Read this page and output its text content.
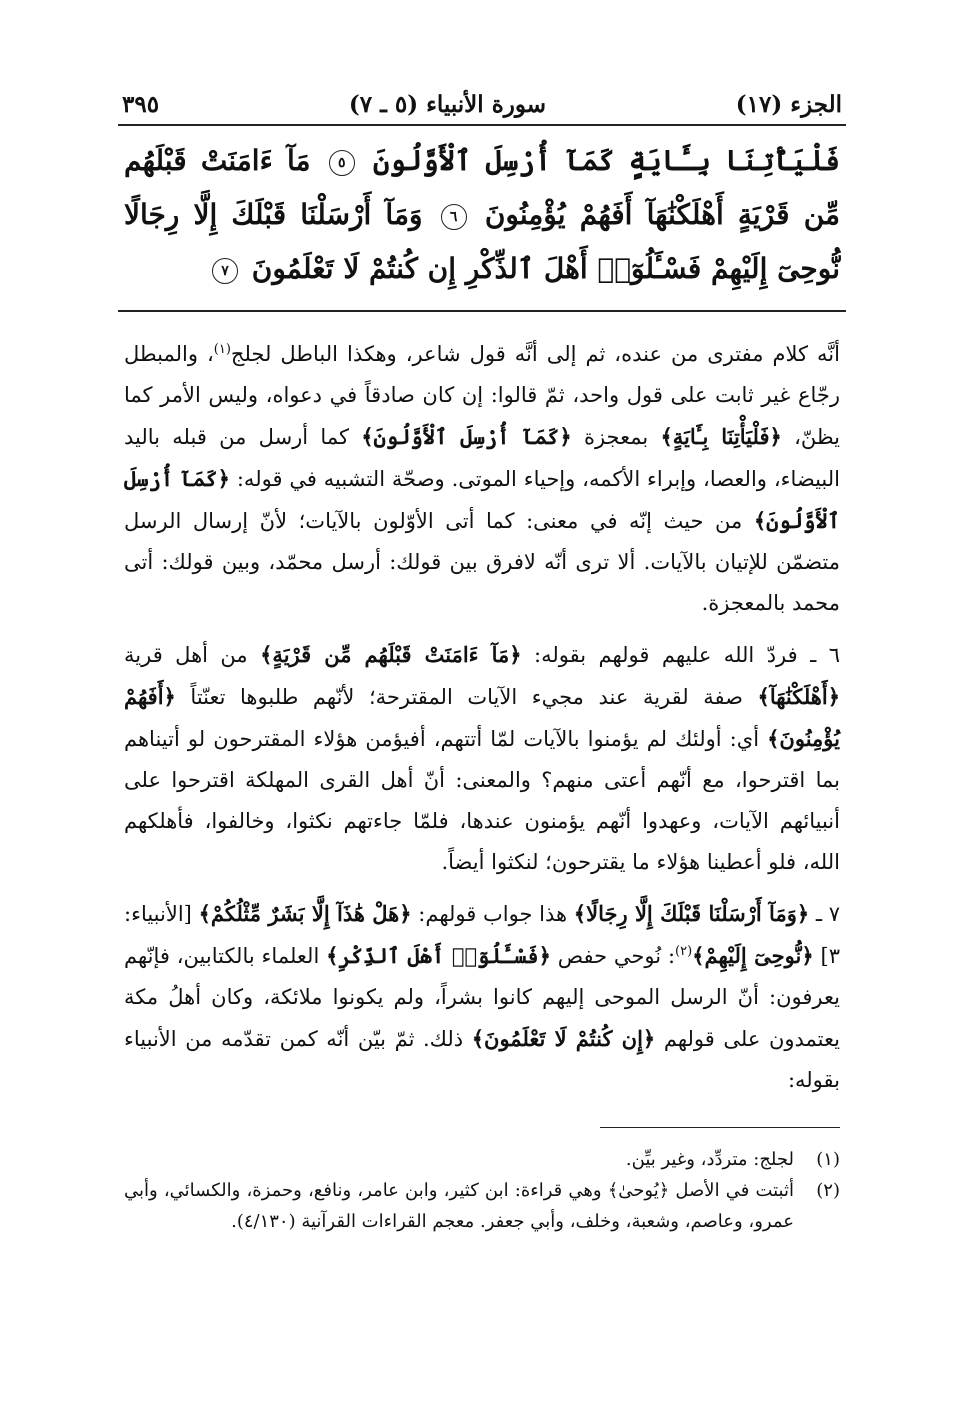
الجزء (١٧)
سورة الأنبياء (٥ ـ ٧)
٣٩٥
فَلْيَأْتِنَا بِـَٔايَةٍ كَمَآ أُرْسِلَ ٱلْأَوَّلُونَ ٥ مَآ ءَامَنَتْ قَبْلَهُم مِّن قَرْيَةٍ أَهْلَكْنَٰهَآ أَفَهُمْ يُؤْمِنُونَ ٦ وَمَآ أَرْسَلْنَا قَبْلَكَ إِلَّا رِجَالًا نُّوحِىٓ إِلَيْهِمْ فَسْـَٔلُوٓا۟ أَهْلَ ٱلذِّكْرِ إِن كُنتُمْ لَا تَعْلَمُونَ ٧

أنَّه كلام مفترى من عنده، ثم إلى أنَّه قول شاعر، وهكذا الباطل لجلج$^{(١)}$، والمبطل رجّاع غير ثابت على قول واحد، ثمّ قالوا: إن كان صادقاً في دعواه، وليس الأمر كما يظنّ، ﴿فَلْيَأْتِنَا بِـَٔايَةٍ﴾ بمعجزة ﴿كَمَآ أُرْسِلَ ٱلْأَوَّلُونَ﴾ كما أرسل من قبله باليد البيضاء، والعصا، وإبراء الأكمه، وإحياء الموتى. وصحّة التشبيه في قوله: ﴿كَمَآ أُرْسِلَ ٱلْأَوَّلُونَ﴾ من حيث إنّه في معنى: كما أتى الأوّلون بالآيات؛ لأنّ إرسال الرسل متضمّن للإتيان بالآيات. ألا ترى أنّه لافرق بين قولك: أرسل محمّد، وبين قولك: أتى محمد بالمعجزة.

٦ ـ فردّ الله عليهم قولهم بقوله: ﴿مَآ ءَامَنَتْ قَبْلَهُم مِّن قَرْيَةٍ﴾ من أهل قرية ﴿أَهْلَكْنَٰهَآ﴾ صفة لقرية عند مجيء الآيات المقترحة؛ لأنّهم طلبوها تعنّتاً ﴿أَفَهُمْ يُؤْمِنُونَ﴾ أي: أولئك لم يؤمنوا بالآيات لمّا أتتهم، أفيؤمن هؤلاء المقترحون لو أتيناهم بما اقترحوا، مع أنّهم أعتى منهم؟ والمعنى: أنّ أهل القرى المهلكة اقترحوا على أنبيائهم الآيات، وعهدوا أنّهم يؤمنون عندها، فلمّا جاءتهم نكثوا، وخالفوا، فأهلكهم الله، فلو أعطينا هؤلاء ما يقترحون؛ لنكثوا أيضاً.

٧ ـ ﴿وَمَآ أَرْسَلْنَا قَبْلَكَ إِلَّا رِجَالًا﴾ هذا جواب قولهم: ﴿هَلْ هَٰذَآ إِلَّا بَشَرٌ مِّثْلُكُمْ﴾ [الأنبياء: ٣] ﴿نُّوحِىٓ إِلَيْهِمْ﴾$^{(٢)}$: نُوحي حفص ﴿فَسْـَٔلُوٓا۟ أَهْلَ ٱلذِّكْرِ﴾ العلماء بالكتابين، فإنّهم يعرفون: أنّ الرسل الموحى إليهم كانوا بشراً، ولم يكونوا ملائكة، وكان أهلُ مكة يعتمدون على قولهم ﴿إِن كُنتُمْ لَا تَعْلَمُونَ﴾ ذلك. ثمّ بيّن أنّه كمن تقدّمه من الأنبياء بقوله:

(١)
لجلج: متردِّد، وغير بيِّن.
(٢)
أثبتت في الأصل ﴿يُوحىٰ﴾ وهي قراءة: ابن كثير، وابن عامر، ونافع، وحمزة، والكسائي، وأبي عمرو، وعاصم، وشعبة، وخلف، وأبي جعفر. معجم القراءات القرآنية (٤/١٣٠).
